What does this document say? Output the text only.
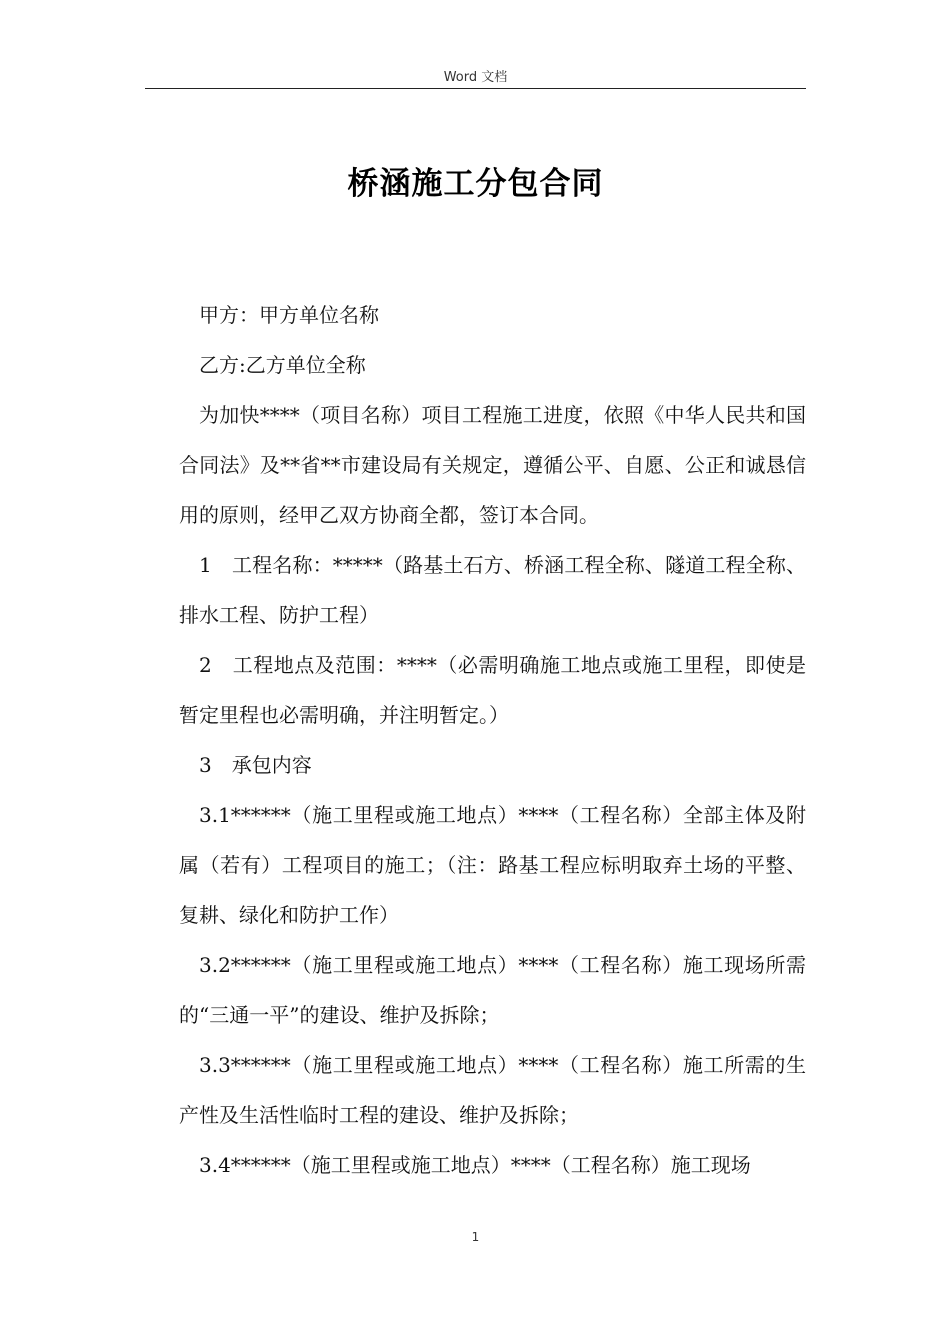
Word 文档
桥涵施工分包合同

甲方：甲方单位名称

乙方:乙方单位全称

为加快****（项目名称）项目工程施工进度，依照《中华人民共和国合同法》及**省**市建设局有关规定，遵循公平、自愿、公正和诚恳信用的原则，经甲乙双方协商全都，签订本合同。

1　工程名称：*****（路基土石方、桥涵工程全称、隧道工程全称、排水工程、防护工程）

2　工程地点及范围：****（必需明确施工地点或施工里程，即使是暂定里程也必需明确，并注明暂定。）

3　承包内容

3.1******（施工里程或施工地点）****（工程名称）全部主体及附属（若有）工程项目的施工；（注：路基工程应标明取弃土场的平整、复耕、绿化和防护工作）

3.2******（施工里程或施工地点）****（工程名称）施工现场所需的“三通一平”的建设、维护及拆除；

3.3******（施工里程或施工地点）****（工程名称）施工所需的生产性及生活性临时工程的建设、维护及拆除；

3.4******（施工里程或施工地点）****（工程名称）施工现场

1
